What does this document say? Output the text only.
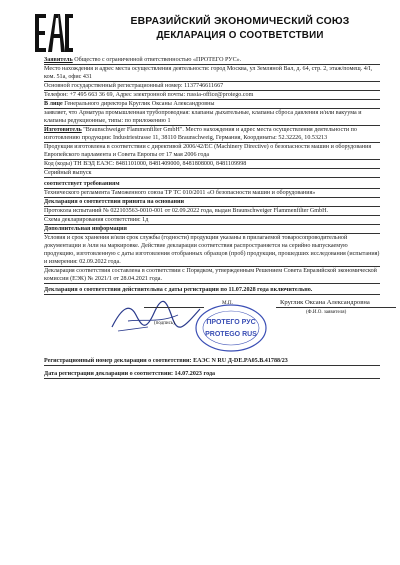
ЕВРАЗИЙСКИЙ ЭКОНОМИЧЕСКИЙ СОЮЗ
ДЕКЛАРАЦИЯ О СООТВЕТСТВИИ

Заявитель Общество с ограниченной ответственностью «ПРОТЕГО РУС».

Место нахождения и адрес места осуществления деятельности: город Москва, ул Земляной Вал, д. 64, стр. 2, этаж/помещ. 4/I, ком. 51а, офис 431

Основной государственный регистрационный номер: 1137746611667

Телефон: +7 495 663 36 69, Адрес электронной почты: russia-office@protego.com

В лице Генерального директора Круглик Оксаны Александровны

заявляет, что Арматура промышленная трубопроводная: клапаны дыхательные, клапаны сброса давления и/или вакуума и клапаны редукционные, типы: по приложению 1

Изготовитель "Braunschweiger Flammenfilter GmbH". Место нахождения и адрес места осуществления деятельности по изготовлению продукции: Industriestrasse 11, 38110 Braunschweig, Германия, Координаты: 52.32226, 10.53213

Продукция изготовлена в соответствии с директивой 2006/42/EC (Machinery Directive) о безопасности машин и оборудования Европейского парламента и Совета Европы от 17 мая 2006 года

Код (коды) ТН ВЭД ЕАЭС: 8481101000, 8481409000, 8481808000, 8481109998

Серийный выпуск

соответствует требованиям

Технического регламента Таможенного союза ТР ТС 010/2011 «О безопасности машин и оборудования»

Декларация о соответствии принята на основании

Протокола испытаний № 022103563-0010-001 от 02.09.2022 года, выдан Braunschweiger Flammenfilter GmbH.

Схема декларирования соответствия: 1д

Дополнительная информация

Условия и срок хранения и/или срок службы (годности) продукции указаны в прилагаемой товаросопроводительной документации и /или на маркировке. Действие декларации соответствия распространяется на серийно выпускаемую продукцию, изготовленную с даты изготовления отобранных образцов (проб) продукции, прошедших исследования (испытания) и измерения: 02.09.2022 года.

Декларация соответствия составлена в соответствии с Порядком, утвержденным Решением Совета Евразийской экономической комиссии (ЕЭК) № 2021/1 от 28.04.2021 года.

Декларация о соответствии действительна с даты регистрации по 11.07.2028 года включительно.

(подпись)
М.П.
ПРОТЕГО РУС
PROTEGO RUS
Круглик Оксана Александровна
(Ф.И.О. заявителя)

Регистрационный номер декларации о соответствии: ЕАЭС N RU Д-DE.PA05.В.41788/23

Дата регистрации декларации о соответствии: 14.07.2023 года
